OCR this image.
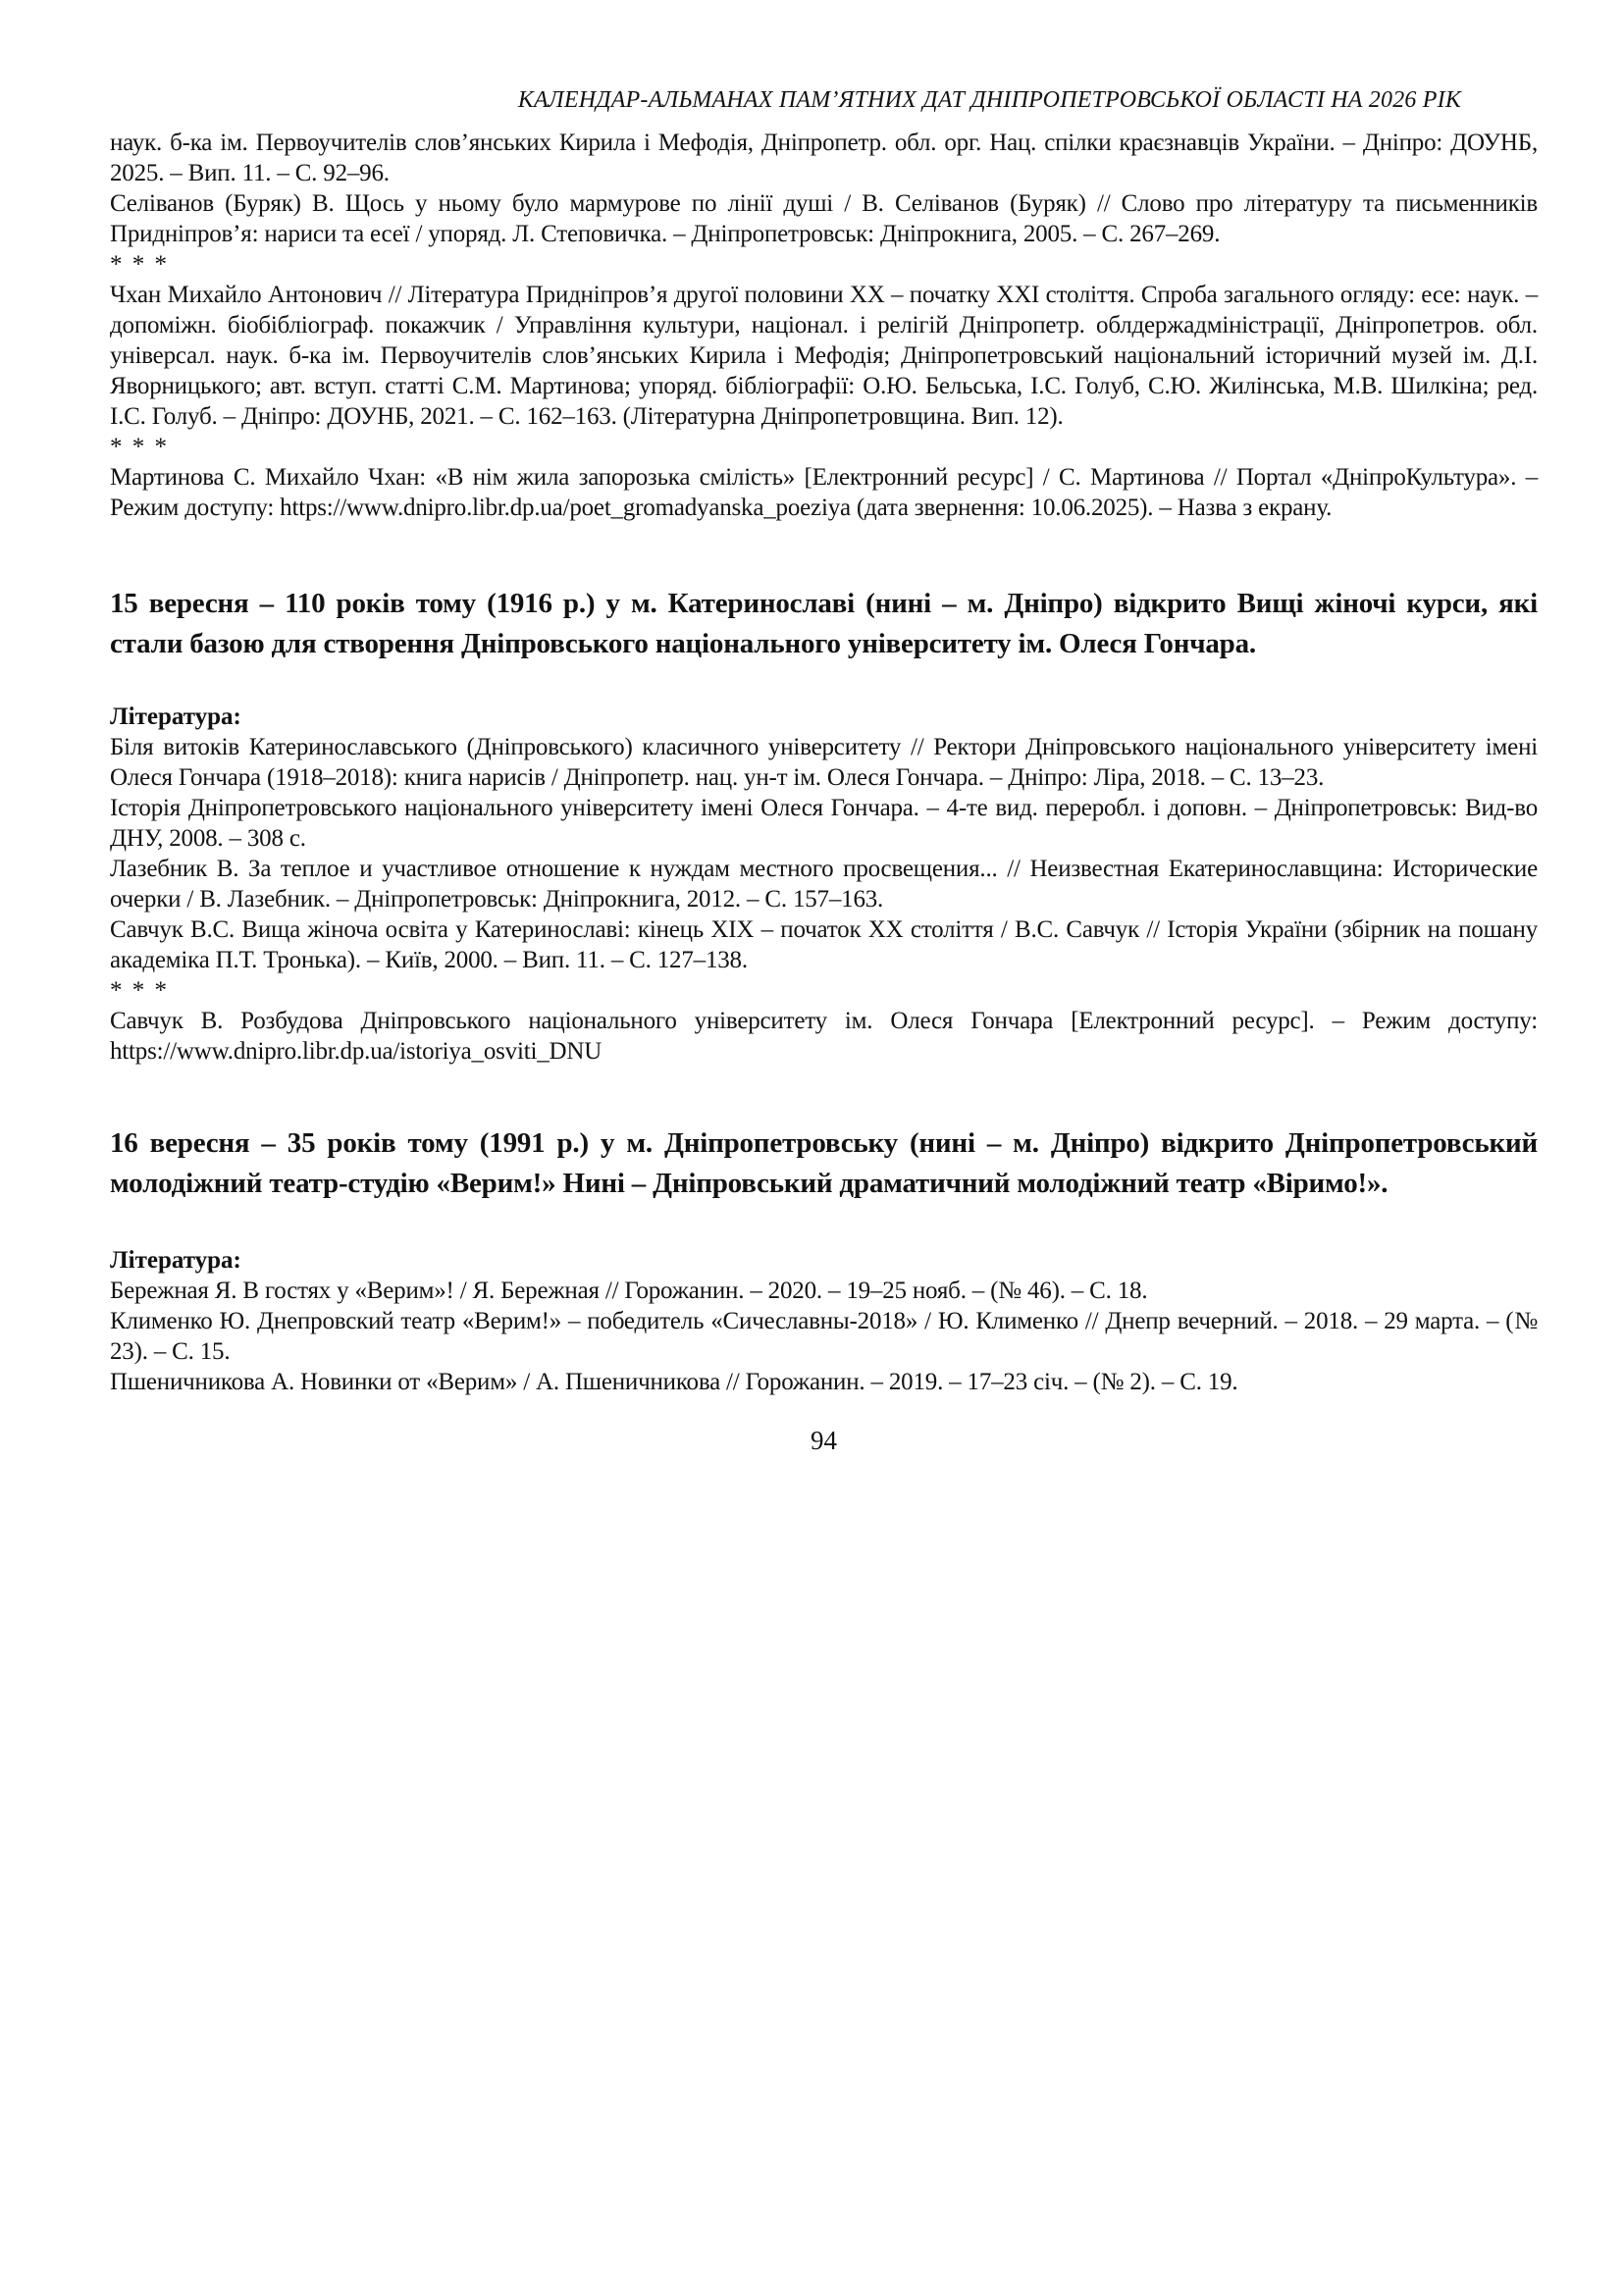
КАЛЕНДАР-АЛЬМАНАХ ПАМ’ЯТНИХ ДАТ ДНІПРОПЕТРОВСЬКОЇ ОБЛАСТІ НА 2026 РІК

наук. б-ка ім. Первоучителів слов’янських Кирила і Мефодія, Дніпропетр. обл. орг. Нац. спілки краєзнавців України. – Дніпро: ДОУНБ, 2025. – Вип. 11. – С. 92–96.

Селіванов (Буряк) В. Щось у ньому було мармурове по лінії душі / В. Селіванов (Буряк) // Слово про літературу та письменників Придніпров’я: нариси та есеї / упоряд. Л. Степовичка. – Дніпропетровськ: Дніпрокнига, 2005. – С. 267–269.

* * *

Чхан Михайло Антонович // Література Придніпров’я другої половини ХХ – початку ХХІ століття. Спроба загального огляду: есе: наук. –допоміжн. біобібліограф. покажчик / Управління культури, націонал. і релігій Дніпропетр. облдержадміністрації, Дніпропетров. обл. універсал. наук. б-ка ім. Первоучителів слов’янських Кирила і Мефодія; Дніпропетровський національний історичний музей ім. Д.І. Яворницького; авт. вступ. статті С.М. Мартинова; упоряд. бібліографії: О.Ю. Бельська, І.С. Голуб, С.Ю. Жилінська, М.В. Шилкіна; ред. І.С. Голуб. – Дніпро: ДОУНБ, 2021. – С. 162–163. (Літературна Дніпропетровщина. Вип. 12).

* * *

Мартинова С. Михайло Чхан: «В нім жила запорозька смілість» [Електронний ресурс] / С. Мартинова // Портал «ДніпроКультура». – Режим доступу: https://www.dnipro.libr.dp.ua/poet_gromadyanska_poeziya (дата звернення: 10.06.2025). – Назва з екрану.

15 вересня – 110 років тому (1916 р.) у м. Катеринославі (нині – м. Дніпро) відкрито Вищі жіночі курси, які стали базою для створення Дніпровського національного університету ім. Олеся Гончара.

Література:

Біля витоків Катеринославського (Дніпровського) класичного університету // Ректори Дніпровського національного університету імені Олеся Гончара (1918–2018): книга нарисів / Дніпропетр. нац. ун-т ім. Олеся Гончара. – Дніпро: Ліра, 2018. – С. 13–23.

Історія Дніпропетровського національного університету імені Олеся Гончара. – 4-те вид. переробл. і доповн. – Дніпропетровськ: Вид-во ДНУ, 2008. – 308 с.

Лазебник В. За теплое и участливое отношение к нуждам местного просвещения... // Неизвестная Екатеринославщина: Исторические очерки / В. Лазебник. – Дніпропетровськ: Дніпрокнига, 2012. – С. 157–163.

Савчук В.С. Вища жіноча освіта у Катеринославі: кінець ХІХ – початок ХХ століття / В.С. Савчук // Історія України (збірник на пошану академіка П.Т. Тронька). – Київ, 2000. – Вип. 11. – С. 127–138.

* * *

Савчук В. Розбудова Дніпровського національного університету ім. Олеся Гончара [Електронний ресурс]. – Режим доступу: https://www.dnipro.libr.dp.ua/istoriya_osviti_DNU

16 вересня – 35 років тому (1991 р.) у м. Дніпропетровську (нині – м. Дніпро) відкрито Дніпропетровський молодіжний театр-студію «Верим!» Нині – Дніпровський драматичний молодіжний театр «Віримо!».

Література:

Бережная Я. В гостях у «Верим»! / Я. Бережная // Горожанин. – 2020. – 19–25 нояб. – (№ 46). – С. 18.

Клименко Ю. Днепровский театр «Верим!» – победитель «Сичеславны-2018» / Ю. Клименко // Днепр вечерний. – 2018. – 29 марта. – (№ 23). – С. 15.

Пшеничникова А. Новинки от «Верим» / А. Пшеничникова // Горожанин. – 2019. – 17–23 січ. – (№ 2). – С. 19.

94
